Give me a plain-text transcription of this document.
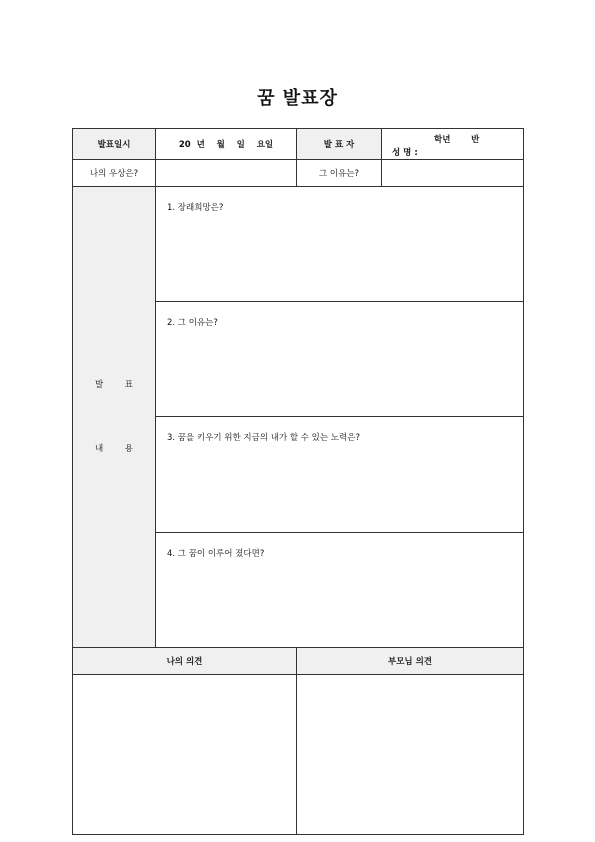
꿈 발표장
발표일시	20  년    월    일    요일	발 표 자	학년       반
성 명 :

나의 우상은?		그 이유는?	

발 표
내 용	1. 장래희망은?		
	2. 그 이유는?		
	3. 꿈을 키우기 위한 지금의 내가 할 수 있는 노력은?		
	4. 그 꿈이 이루어 졌다면?		
나의 의견		부모님 의견	
